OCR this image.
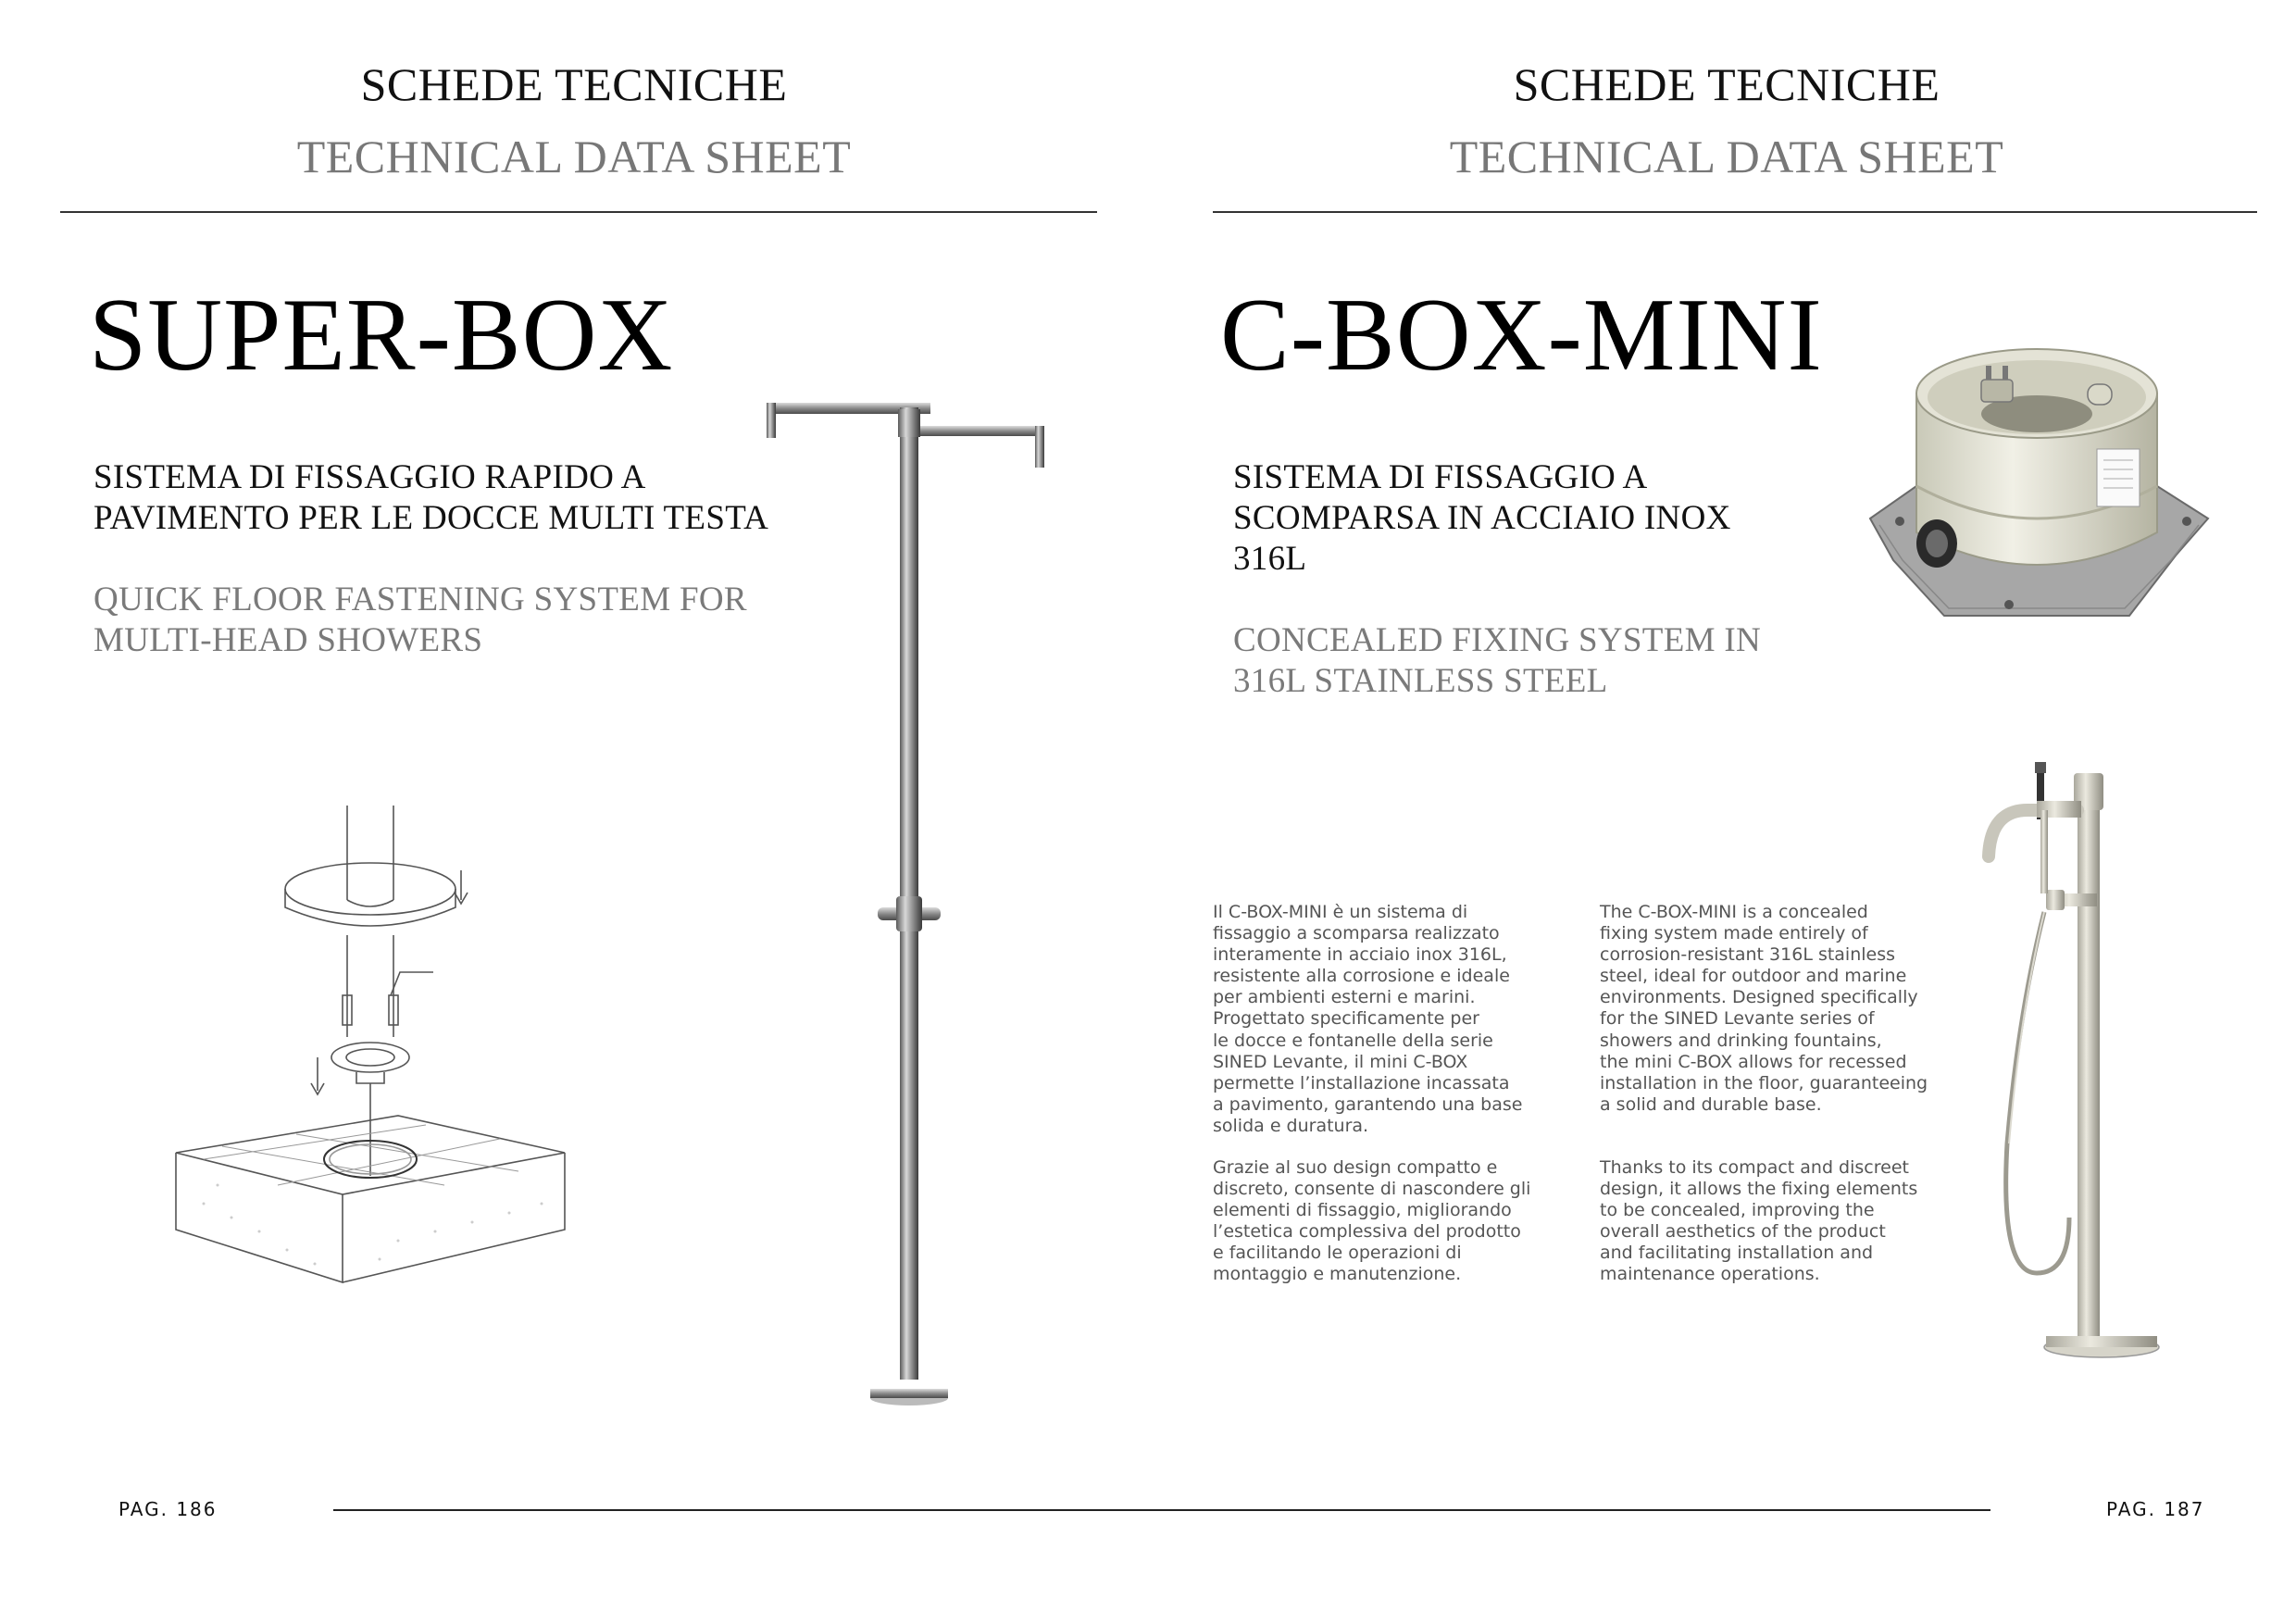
SCHEDE TECNICHE
TECHNICAL DATA SHEET
SUPER-BOX
SISTEMA DI FISSAGGIO RAPIDO A
PAVIMENTO PER LE DOCCE MULTI TESTA
QUICK FLOOR FASTENING SYSTEM FOR
MULTI-HEAD SHOWERS
PAG. 186
SCHEDE TECNICHE
TECHNICAL DATA SHEET
C-BOX-MINI
SISTEMA DI FISSAGGIO A
SCOMPARSA IN ACCIAIO INOX
316L
CONCEALED FIXING SYSTEM IN
316L STAINLESS STEEL
Il C-BOX-MINI è un sistema di
fissaggio a scomparsa realizzato
interamente in acciaio inox 316L,
resistente alla corrosione e ideale
per ambienti esterni e marini.
Progettato specificamente per
le docce e fontanelle della serie
SINED Levante, il mini C-BOX
permette l’installazione incassata
a pavimento, garantendo una base
solida e duratura.
Grazie al suo design compatto e
discreto, consente di nascondere gli
elementi di fissaggio, migliorando
l’estetica complessiva del prodotto
e facilitando le operazioni di
montaggio e manutenzione.
The C-BOX-MINI is a concealed
fixing system made entirely of
corrosion-resistant 316L stainless
steel, ideal for outdoor and marine
environments. Designed specifically
for the SINED Levante series of
showers and drinking fountains,
the mini C-BOX allows for recessed
installation in the floor, guaranteeing
a solid and durable base.
Thanks to its compact and discreet
design, it allows the fixing elements
to be concealed, improving the
overall aesthetics of the product
and facilitating installation and
maintenance operations.
PAG. 187
